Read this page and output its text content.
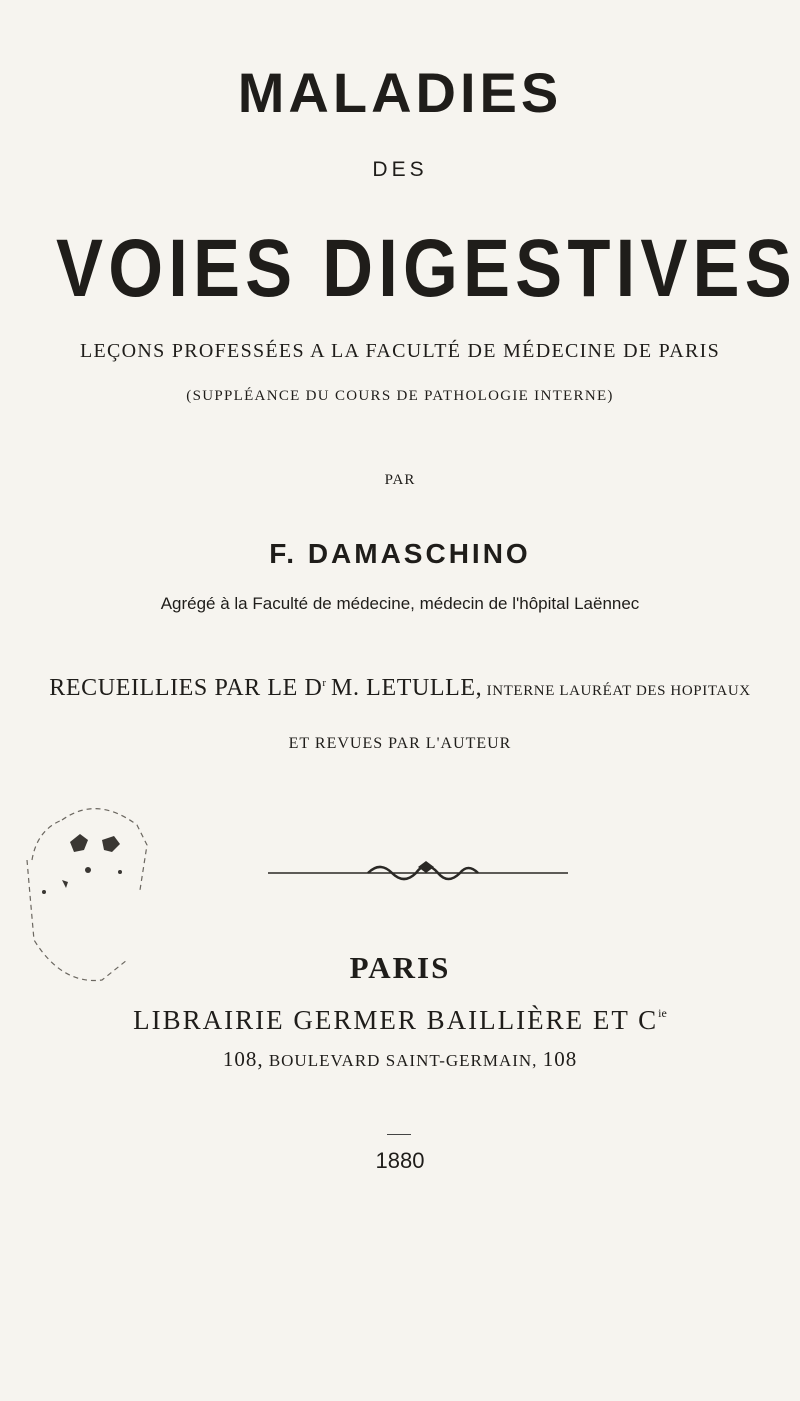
MALADIES
DES
VOIES DIGESTIVES
LEÇONS PROFESSÉES A LA FACULTÉ DE MÉDECINE DE PARIS
(SUPPLÉANCE DU COURS DE PATHOLOGIE INTERNE)
PAR
F. DAMASCHINO
Agrégé à la Faculté de médecine, médecin de l'hôpital Laënnec
RECUEILLIES PAR LE $D^r$ M. LETULLE, INTERNE LAURÉAT DES HOPITAUX
ET REVUES PAR L'AUTEUR
PARIS
LIBRAIRIE GERMER BAILLIÈRE ET $C^{ie}$
108, BOULEVARD SAINT-GERMAIN, 108
1880
